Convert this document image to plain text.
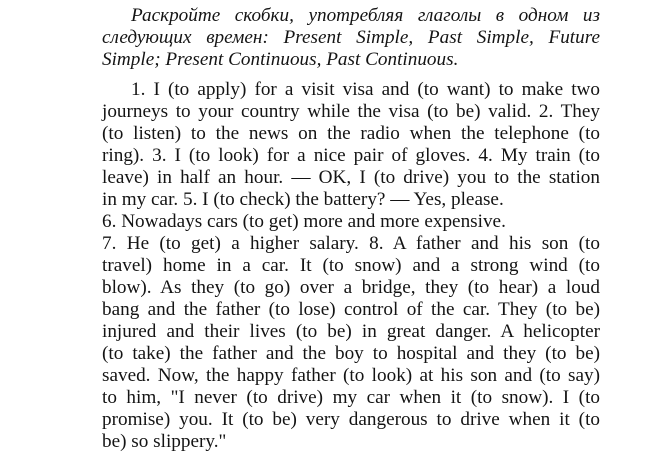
Раскройте скобки, употребляя глаголы в одном из
следующих времен: Present Simple, Past Simple, Future
Simple; Present Continuous, Past Continuous.
1. I (to apply) for a visit visa and (to want) to make two
journeys to your country while the visa (to be) valid. 2. They
(to listen) to the news on the radio when the telephone (to
ring). 3. I (to look) for a nice pair of gloves. 4. My train (to
leave) in half an hour. — OK, I (to drive) you to the station
in my car. 5. I (to check) the battery? — Yes, please.
6. Nowadays cars (to get) more and more expensive.
7. He (to get) a higher salary. 8. A father and his son (to
travel) home in a car. It (to snow) and a strong wind (to
blow). As they (to go) over a bridge, they (to hear) a loud
bang and the father (to lose) control of the car. They (to be)
injured and their lives (to be) in great danger. A helicopter
(to take) the father and the boy to hospital and they (to be)
saved. Now, the happy father (to look) at his son and (to say)
to him, "I never (to drive) my car when it (to snow). I (to
promise) you. It (to be) very dangerous to drive when it (to
be) so slippery."
